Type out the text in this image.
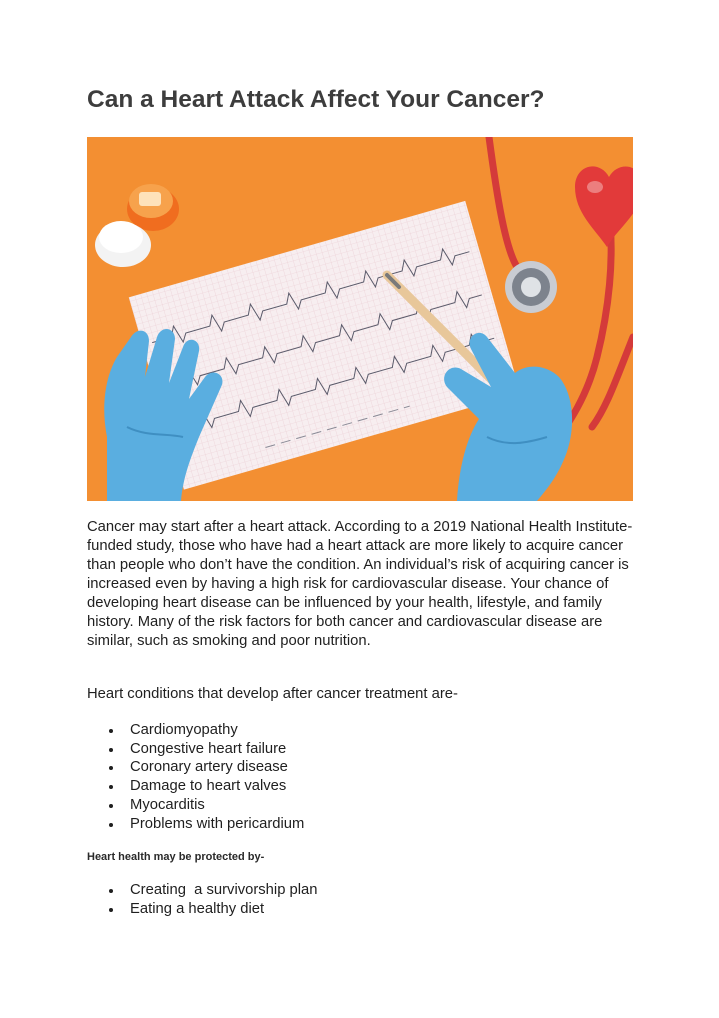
Can a Heart Attack Affect Your Cancer?

Cancer may start after a heart attack. According to a 2019 National Health Institute-funded study, those who have had a heart attack are more likely to acquire cancer than people who don’t have the condition. An individual’s risk of acquiring cancer is increased even by having a high risk for cardiovascular disease. Your chance of developing heart disease can be influenced by your health, lifestyle, and family history. Many of the risk factors for both cancer and cardiovascular disease are similar, such as smoking and poor nutrition.

Heart conditions that develop after cancer treatment are-

Cardiomyopathy
Congestive heart failure
Coronary artery disease
Damage to heart valves
Myocarditis
Problems with pericardium

Heart health may be protected by-

Creating  a survivorship plan
Eating a healthy diet
